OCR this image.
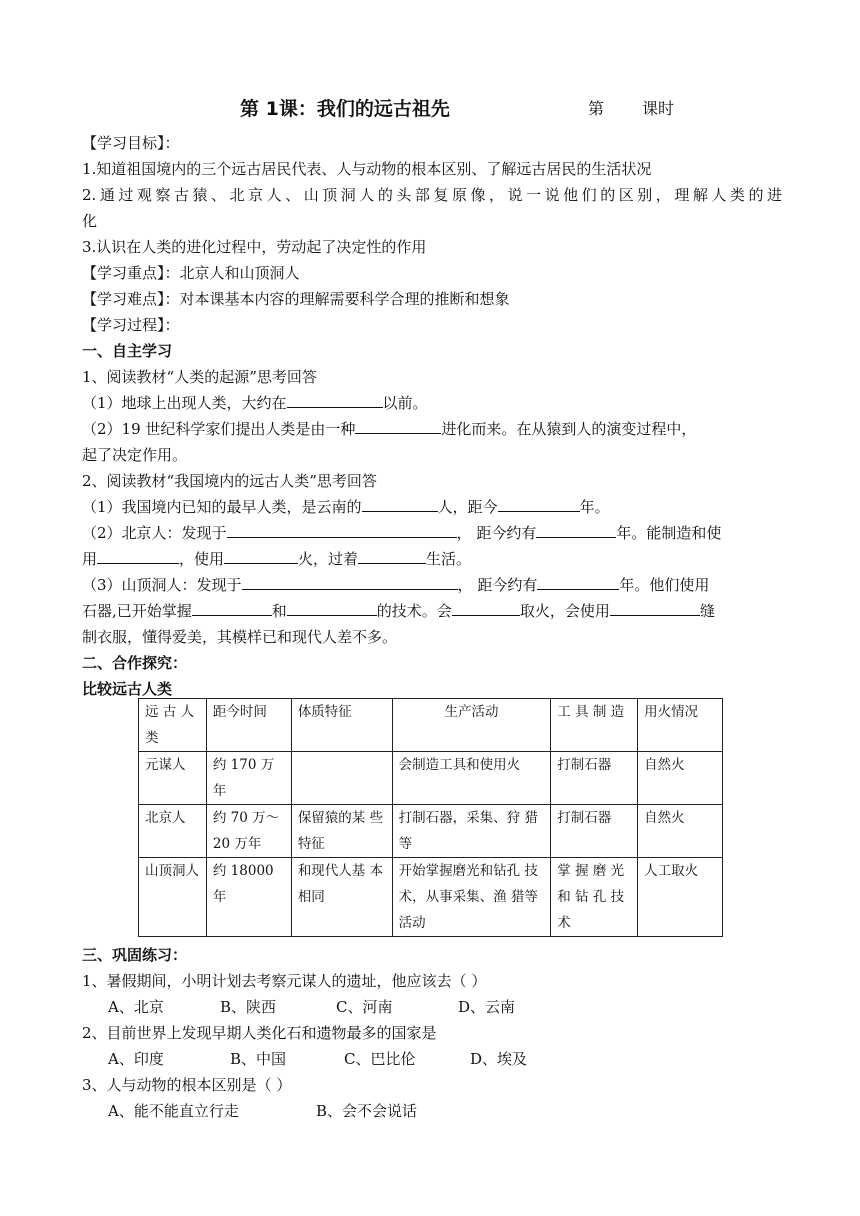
第 1课：我们的远古祖先	第 课时
【学习目标】：
1.知道祖国境内的三个远古居民代表、人与动物的根本区别、了解远古居民的生活状况
2.通过观察古猿、北京人、山顶洞人的头部复原像，说一说他们的区别，理解人类的进
化
3.认识在人类的进化过程中，劳动起了决定性的作用
【学习重点】：北京人和山顶洞人
【学习难点】：对本课基本内容的理解需要科学合理的推断和想象
【学习过程】：
一、自主学习
1、阅读教材“人类的起源”思考回答
（1）地球上出现人类，大约在	以前。
（2）19 世纪科学家们提出人类是由一种	进化而来。在从猿到人的演变过程中，
起了决定作用。
2、阅读教材“我国境内的远古人类”思考回答
（1）我国境内已知的最早人类，是云南的	人，距今	年。
（2）北京人：发现于	， 距今约有	年。能制造和使
用	，使用	火，过着	生活。
（3）山顶洞人：发现于	， 距今约有	年。他们使用
石器,已开始掌握	和	的技术。会	取火，会使用	缝
制衣服，懂得爱美，其模样已和现代人差不多。
二、合作探究：
比较远古人类
远 古 人 类	距今时间	体质特征	生产活动	工 具 制 造	用火情况
元谋人	约 170 万年		会制造工具和使用火	打制石器	自然火
北京人	约 70 万～ 20 万年	保留猿的某 些特征	打制石器，采集、狩 猎等	打制石器	自然火
山顶洞人	约 18000 年	和现代人基 本相同	开始掌握磨光和钻孔 技术，从事采集、渔 猎等活动	掌 握 磨 光 和 钻 孔 技 术	人工取火
三、巩固练习：
1、暑假期间，小明计划去考察元谋人的遗址，他应该去（ ）
A、北京	B、陕西	C、河南	D、云南
2、目前世界上发现早期人类化石和遗物最多的国家是
A、印度	B、中国	C、巴比伦	D、埃及
3、人与动物的根本区别是（ ）
A、能不能直立行走	B、会不会说话
